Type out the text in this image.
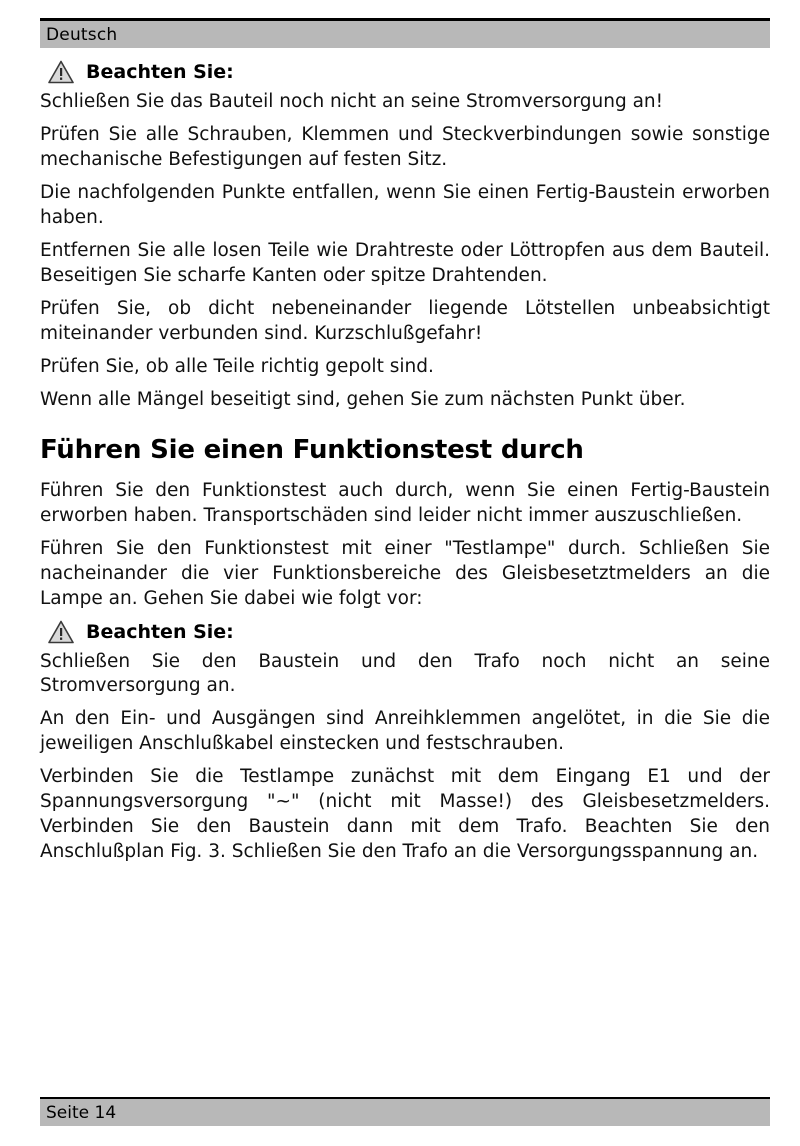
Deutsch
Beachten Sie:

Schließen Sie das Bauteil noch nicht an seine Stromversorgung an!

Prüfen Sie alle Schrauben, Klemmen und Steckverbindungen sowie sonstige mechanische Befestigungen auf festen Sitz.

Die nachfolgenden Punkte entfallen, wenn Sie einen Fertig-Baustein erworben haben.

Entfernen Sie alle losen Teile wie Drahtreste oder Löttropfen aus dem Bauteil. Beseitigen Sie scharfe Kanten oder spitze Drahtenden.

Prüfen Sie, ob dicht nebeneinander liegende Lötstellen unbeabsichtigt miteinander verbunden sind. Kurzschlußgefahr!

Prüfen Sie, ob alle Teile richtig gepolt sind.

Wenn alle Mängel beseitigt sind, gehen Sie zum nächsten Punkt über.

Führen Sie einen Funktionstest durch

Führen Sie den Funktionstest auch durch, wenn Sie einen Fertig-Baustein erworben haben. Transportschäden sind leider nicht immer auszuschließen.

Führen Sie den Funktionstest mit einer "Testlampe" durch. Schließen Sie nacheinander die vier Funktionsbereiche des Gleisbesetztmelders an die Lampe an. Gehen Sie dabei wie folgt vor:

Beachten Sie:

Schließen Sie den Baustein und den Trafo noch nicht an seine Stromversorgung an.

An den Ein- und Ausgängen sind Anreihklemmen angelötet, in die Sie die jeweiligen Anschlußkabel einstecken und festschrauben.

Verbinden Sie die Testlampe zunächst mit dem Eingang E1 und der Spannungsversorgung "~" (nicht mit Masse!) des Gleisbesetzmelders. Verbinden Sie den Baustein dann mit dem Trafo. Beachten Sie den Anschlußplan Fig. 3. Schließen Sie den Trafo an die Versorgungsspannung an.

Seite 14
